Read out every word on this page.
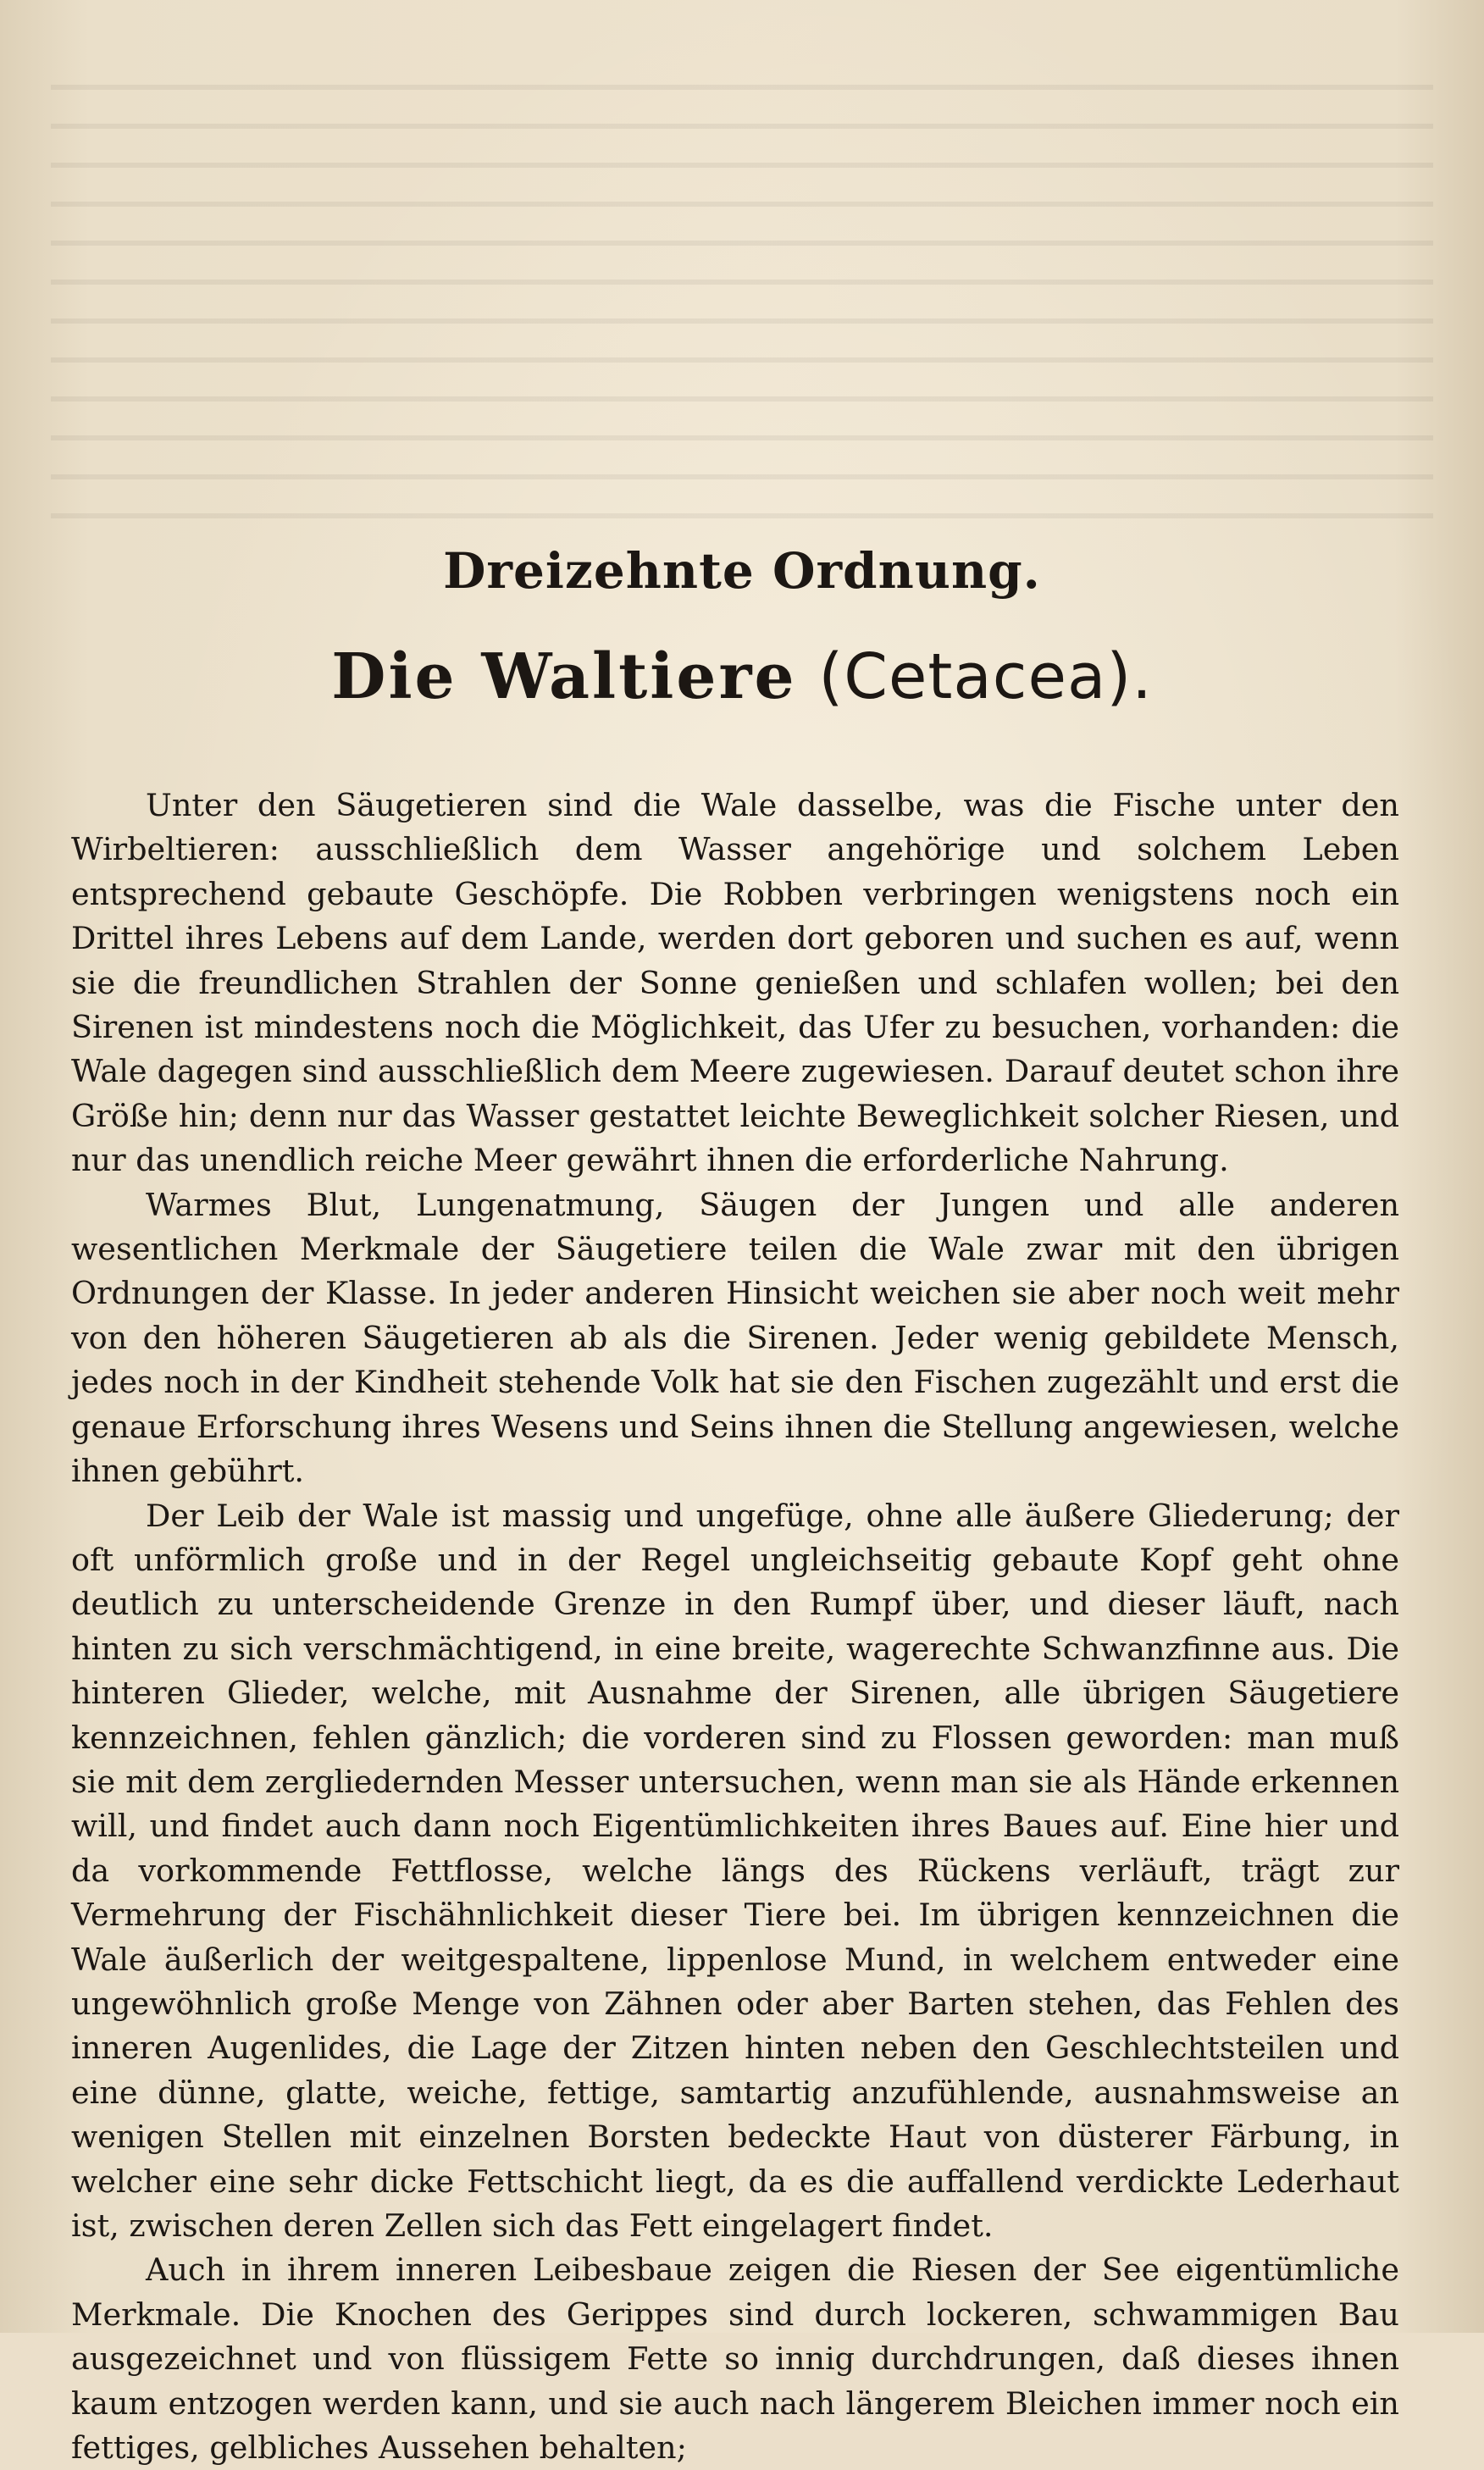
Dreizehnte Ordnung.
Die Waltiere (Cetacea).

Unter den Säugetieren sind die Wale dasselbe, was die Fische unter den Wirbeltieren: ausschließlich dem Wasser angehörige und solchem Leben entsprechend gebaute Geschöpfe. Die Robben verbringen wenigstens noch ein Drittel ihres Lebens auf dem Lande, werden dort geboren und suchen es auf, wenn sie die freundlichen Strahlen der Sonne genießen und schlafen wollen; bei den Sirenen ist mindestens noch die Möglichkeit, das Ufer zu besuchen, vorhanden: die Wale dagegen sind ausschließlich dem Meere zugewiesen. Darauf deutet schon ihre Größe hin; denn nur das Wasser gestattet leichte Beweglichkeit solcher Riesen, und nur das unendlich reiche Meer gewährt ihnen die erforderliche Nahrung.

Warmes Blut, Lungenatmung, Säugen der Jungen und alle anderen wesentlichen Merkmale der Säugetiere teilen die Wale zwar mit den übrigen Ordnungen der Klasse. In jeder anderen Hinsicht weichen sie aber noch weit mehr von den höheren Säugetieren ab als die Sirenen. Jeder wenig gebildete Mensch, jedes noch in der Kindheit stehende Volk hat sie den Fischen zugezählt und erst die genaue Erforschung ihres Wesens und Seins ihnen die Stellung angewiesen, welche ihnen gebührt.

Der Leib der Wale ist massig und ungefüge, ohne alle äußere Gliederung; der oft unförmlich große und in der Regel ungleichseitig gebaute Kopf geht ohne deutlich zu unterscheidende Grenze in den Rumpf über, und dieser läuft, nach hinten zu sich verschmächtigend, in eine breite, wagerechte Schwanzfinne aus. Die hinteren Glieder, welche, mit Ausnahme der Sirenen, alle übrigen Säugetiere kennzeichnen, fehlen gänzlich; die vorderen sind zu Flossen geworden: man muß sie mit dem zergliedernden Messer untersuchen, wenn man sie als Hände erkennen will, und findet auch dann noch Eigentümlichkeiten ihres Baues auf. Eine hier und da vorkommende Fettflosse, welche längs des Rückens verläuft, trägt zur Vermehrung der Fischähnlichkeit dieser Tiere bei. Im übrigen kennzeichnen die Wale äußerlich der weitgespaltene, lippenlose Mund, in welchem entweder eine ungewöhnlich große Menge von Zähnen oder aber Barten stehen, das Fehlen des inneren Augenlides, die Lage der Zitzen hinten neben den Geschlechtsteilen und eine dünne, glatte, weiche, fettige, samtartig anzufühlende, ausnahmsweise an wenigen Stellen mit einzelnen Borsten bedeckte Haut von düsterer Färbung, in welcher eine sehr dicke Fettschicht liegt, da es die auffallend verdickte Lederhaut ist, zwischen deren Zellen sich das Fett eingelagert findet.

Auch in ihrem inneren Leibesbaue zeigen die Riesen der See eigentümliche Merkmale. Die Knochen des Gerippes sind durch lockeren, schwammigen Bau ausgezeichnet und von flüssigem Fette so innig durchdrungen, daß dieses ihnen kaum entzogen werden kann, und sie auch nach längerem Bleichen immer noch ein fettiges, gelbliches Aussehen behalten;
